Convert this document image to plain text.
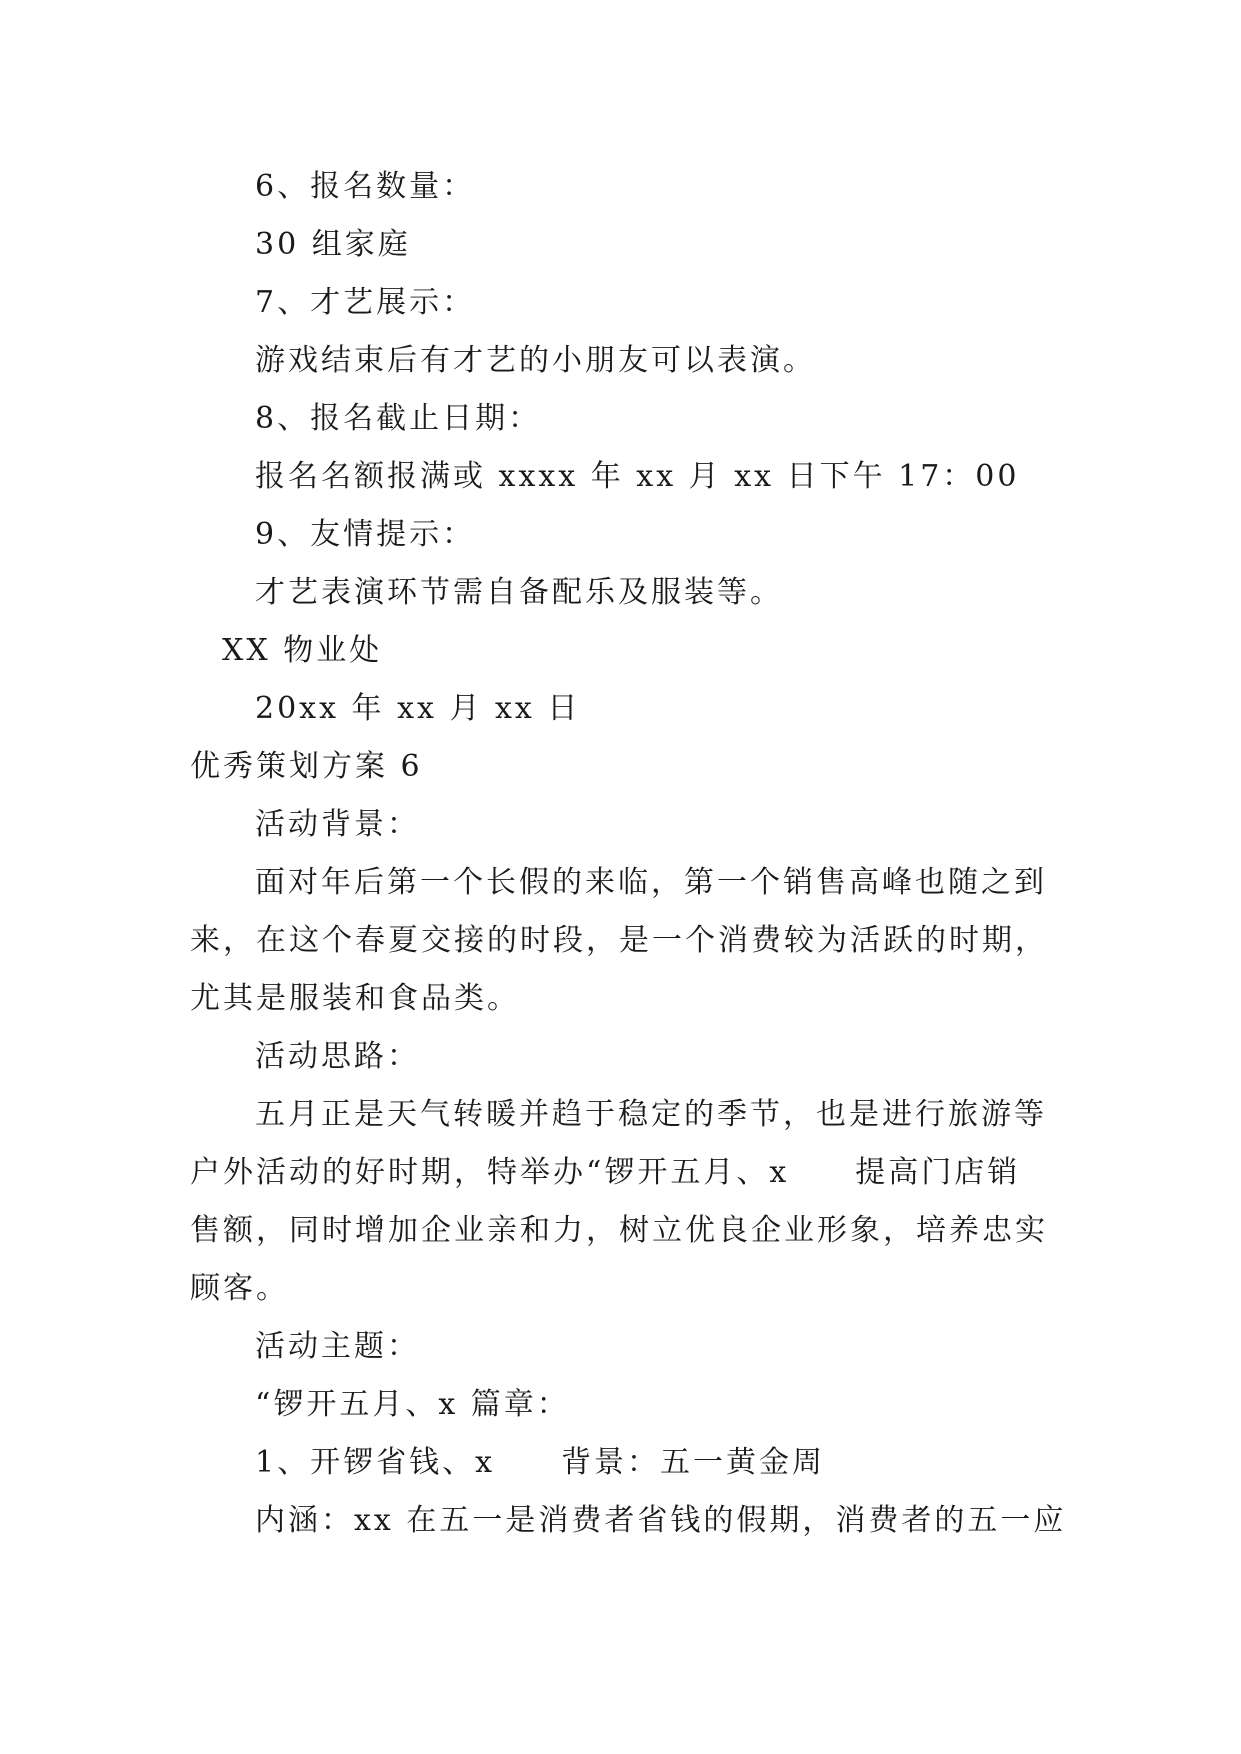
6、报名数量：
30 组家庭
7、才艺展示：
游戏结束后有才艺的小朋友可以表演。
8、报名截止日期：
报名名额报满或 xxxx 年 xx 月 xx 日下午 17：00
9、友情提示：
才艺表演环节需自备配乐及服装等。
XX 物业处
20xx 年 xx 月 xx 日
优秀策划方案 6
活动背景：
面对年后第一个长假的来临，第一个销售高峰也随之到
来，在这个春夏交接的时段，是一个消费较为活跃的时期，
尤其是服装和食品类。
活动思路：
五月正是天气转暖并趋于稳定的季节，也是进行旅游等
户外活动的好时期，特举办“锣开五月、x　　提高门店销
售额，同时增加企业亲和力，树立优良企业形象，培养忠实
顾客。
活动主题：
“锣开五月、x 篇章：
1、开锣省钱、x　　背景：五一黄金周
内涵：xx 在五一是消费者省钱的假期，消费者的五一应
